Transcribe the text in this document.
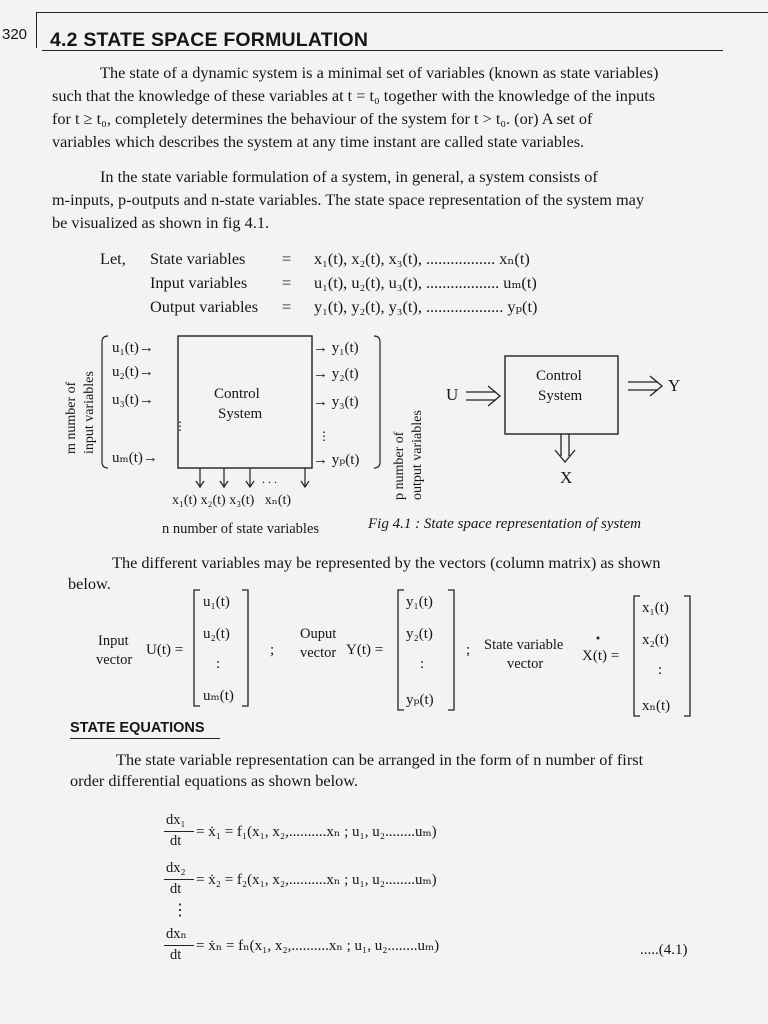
320 4.2 STATE SPACE FORMULATION
The state of a dynamic system is a minimal set of variables (known as state variables)
such that the knowledge of these variables at t = t₀ together with the knowledge of the inputs
for t ≥ t₀, completely determines the behaviour of the system for t > t₀. (or) A set of
variables which describes the system at any time instant are called state variables.
In the state variable formulation of a system, in general, a system consists of
m-inputs, p-outputs and n-state variables. The state space representation of the system may
be visualized as shown in fig 4.1.
Let, State variables = x₁(t), x₂(t), x₃(t), ................. xₙ(t)
Input variables = u₁(t), u₂(t), u₃(t), .................. uₘ(t)
Output variables = y₁(t), y₂(t), y₃(t), ................... yₚ(t)
⋮
⋮
. . .
u₁(t)→
u₂(t)→
u₃(t)→
uₘ(t)→
Control
System
→ y₁(t)
→ y₂(t)
→ y₃(t)
→ yₚ(t)
m number of input variables
p number of output variables
x₁(t) x₂(t) x₃(t)   xₙ(t)
n number of state variables
Control
System
U	Y
X
Fig 4.1 : State space representation of system
The different variables may be represented by the vectors (column matrix) as shown
below.
Input
vector
U(t) =
u₁(t)
u₂(t)
:
uₘ(t)
;
Ouput
vector Y(t) =
y₁(t)
y₂(t)
:
yₚ(t)
; State variable
vector	X(t) =
x₁(t)
x₂(t)
:
xₙ(t)
STATE EQUATIONS
The state variable representation can be arranged in the form of n number of first
order differential equations as shown below.
dx₁
dt
= ẋ₁ = f₁(x₁, x₂,..........xₙ ; u₁, u₂........uₘ)
dx₂
dt
= ẋ₂ = f₂(x₁, x₂,..........xₙ ; u₁, u₂........uₘ)
⋮
dxₙ
dt
= ẋₙ = fₙ(x₁, x₂,..........xₙ ; u₁, u₂........uₘ)	.....(4.1)
